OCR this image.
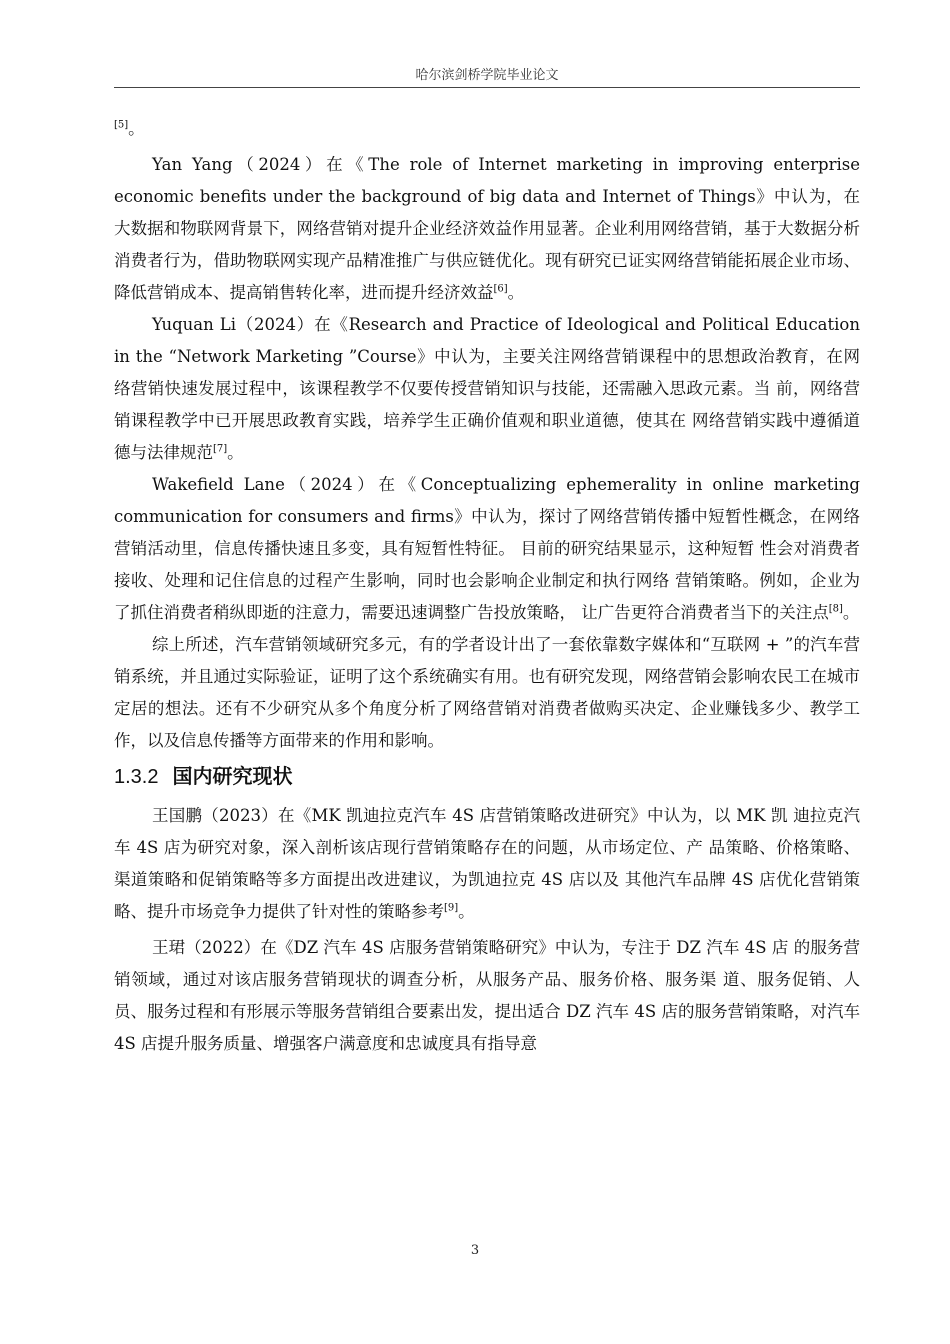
哈尔滨剑桥学院毕业论文

[5]。

Yan Yang（2024）在《The role of Internet marketing in improving enterprise economic benefits under the background of big data and Internet of Things》中认为，在大数据和物联网背景下，网络营销对提升企业经济效益作用显著。企业利用网络营销，基于大数据分析消费者行为，借助物联网实现产品精准推广与供应链优化。现有研究已证实网络营销能拓展企业市场、降低营销成本、提高销售转化率，进而提升经济效益[6]。

Yuquan Li（2024）在《Research and Practice of Ideological and Political Education in the “Network Marketing ”Course》中认为，主要关注网络营销课程中的思想政治教育，在网 络营销快速发展过程中，该课程教学不仅要传授营销知识与技能，还需融入思政元素。当 前，网络营销课程教学中已开展思政教育实践，培养学生正确价值观和职业道德，使其在 网络营销实践中遵循道德与法律规范[7]。

Wakefield Lane（2024）在《Conceptualizing ephemerality in online marketing communication for consumers and firms》中认为，探讨了网络营销传播中短暂性概念，在网络营销活动里，信息传播快速且多变，具有短暂性特征。 目前的研究结果显示，这种短暂 性会对消费者接收、处理和记住信息的过程产生影响，同时也会影响企业制定和执行网络 营销策略。例如，企业为了抓住消费者稍纵即逝的注意力，需要迅速调整广告投放策略， 让广告更符合消费者当下的关注点[8]。

综上所述，汽车营销领域研究多元，有的学者设计出了一套依靠数字媒体和“互联网 + ”的汽车营销系统，并且通过实际验证，证明了这个系统确实有用。也有研究发现，网络营销会影响农民工在城市定居的想法。还有不少研究从多个角度分析了网络营销对消费者做购买决定、企业赚钱多少、教学工作，以及信息传播等方面带来的作用和影响。

1.3.2 国内研究现状

王国鹏（2023）在《MK 凯迪拉克汽车 4S 店营销策略改进研究》中认为，以 MK 凯 迪拉克汽车 4S 店为研究对象，深入剖析该店现行营销策略存在的问题，从市场定位、产 品策略、价格策略、渠道策略和促销策略等多方面提出改进建议，为凯迪拉克 4S 店以及 其他汽车品牌 4S 店优化营销策略、提升市场竞争力提供了针对性的策略参考[9]。

王珺（2022）在《DZ 汽车 4S 店服务营销策略研究》中认为，专注于 DZ 汽车 4S 店 的服务营销领域，通过对该店服务营销现状的调查分析，从服务产品、服务价格、服务渠 道、服务促销、人员、服务过程和有形展示等服务营销组合要素出发，提出适合 DZ 汽车 4S 店的服务营销策略，对汽车 4S 店提升服务质量、增强客户满意度和忠诚度具有指导意

3
